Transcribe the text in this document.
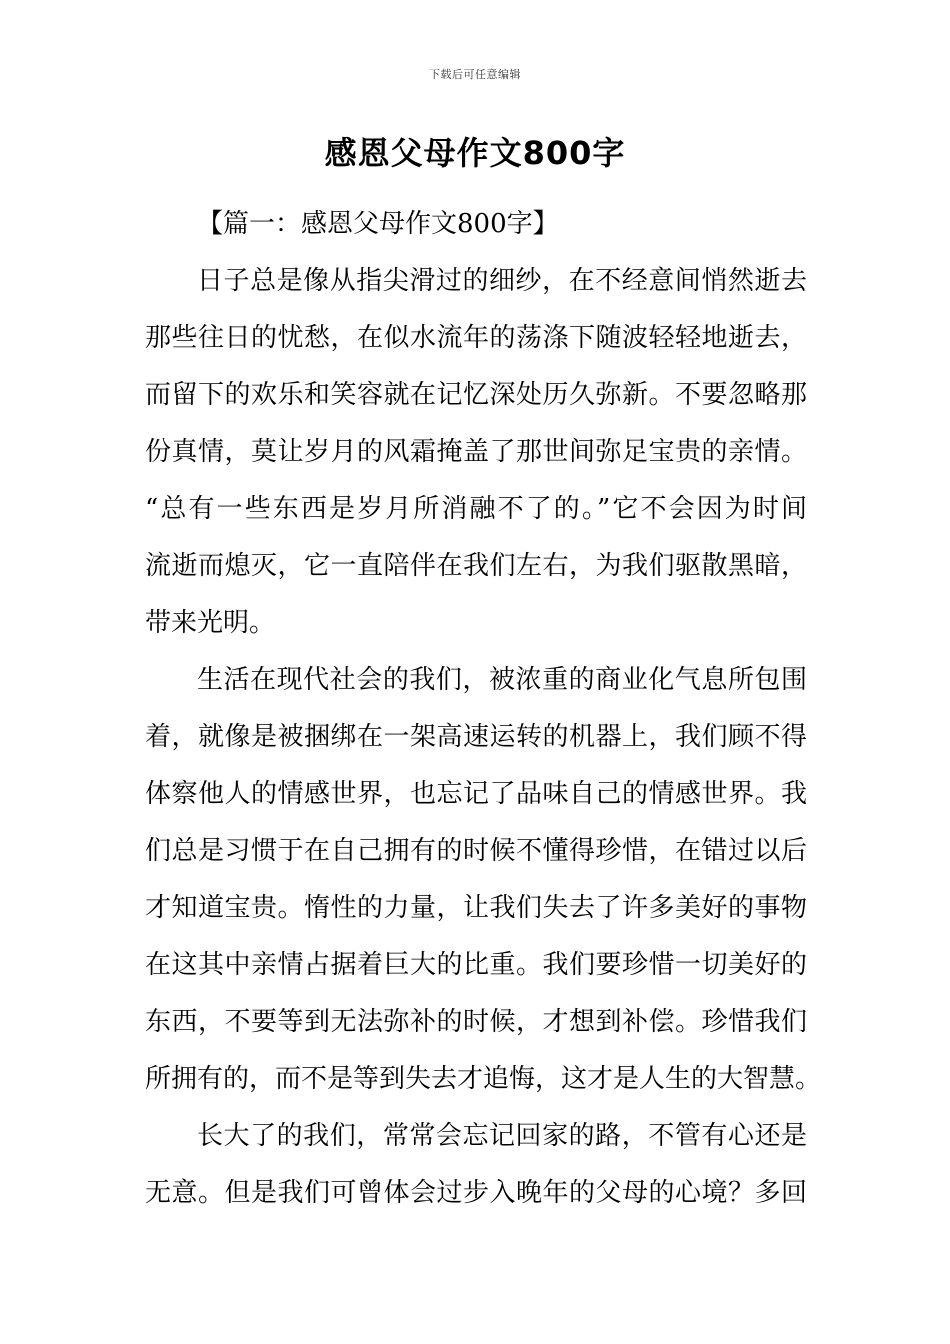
下载后可任意编辑
感恩父母作文800字
【篇一：感恩父母作文800字】
日子总是像从指尖滑过的细纱，在不经意间悄然逝去
那些往日的忧愁，在似水流年的荡涤下随波轻轻地逝去，
而留下的欢乐和笑容就在记忆深处历久弥新。不要忽略那
份真情，莫让岁月的风霜掩盖了那世间弥足宝贵的亲情。
“总有一些东西是岁月所消融不了的。”它不会因为时间
流逝而熄灭，它一直陪伴在我们左右，为我们驱散黑暗，
带来光明。
生活在现代社会的我们，被浓重的商业化气息所包围
着，就像是被捆绑在一架高速运转的机器上，我们顾不得
体察他人的情感世界，也忘记了品味自己的情感世界。我
们总是习惯于在自己拥有的时候不懂得珍惜，在错过以后
才知道宝贵。惰性的力量，让我们失去了许多美好的事物
在这其中亲情占据着巨大的比重。我们要珍惜一切美好的
东西，不要等到无法弥补的时候，才想到补偿。珍惜我们
所拥有的，而不是等到失去才追悔，这才是人生的大智慧。
长大了的我们，常常会忘记回家的路，不管有心还是
无意。但是我们可曾体会过步入晚年的父母的心境？多回
